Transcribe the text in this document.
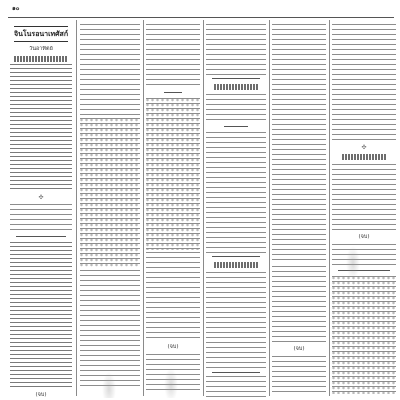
๑๐
จินโนรอนาเทศัสก์
วันอาทิตย์
✣
(จบ)
(จบ)	(จบ)
✣
(จบ)
